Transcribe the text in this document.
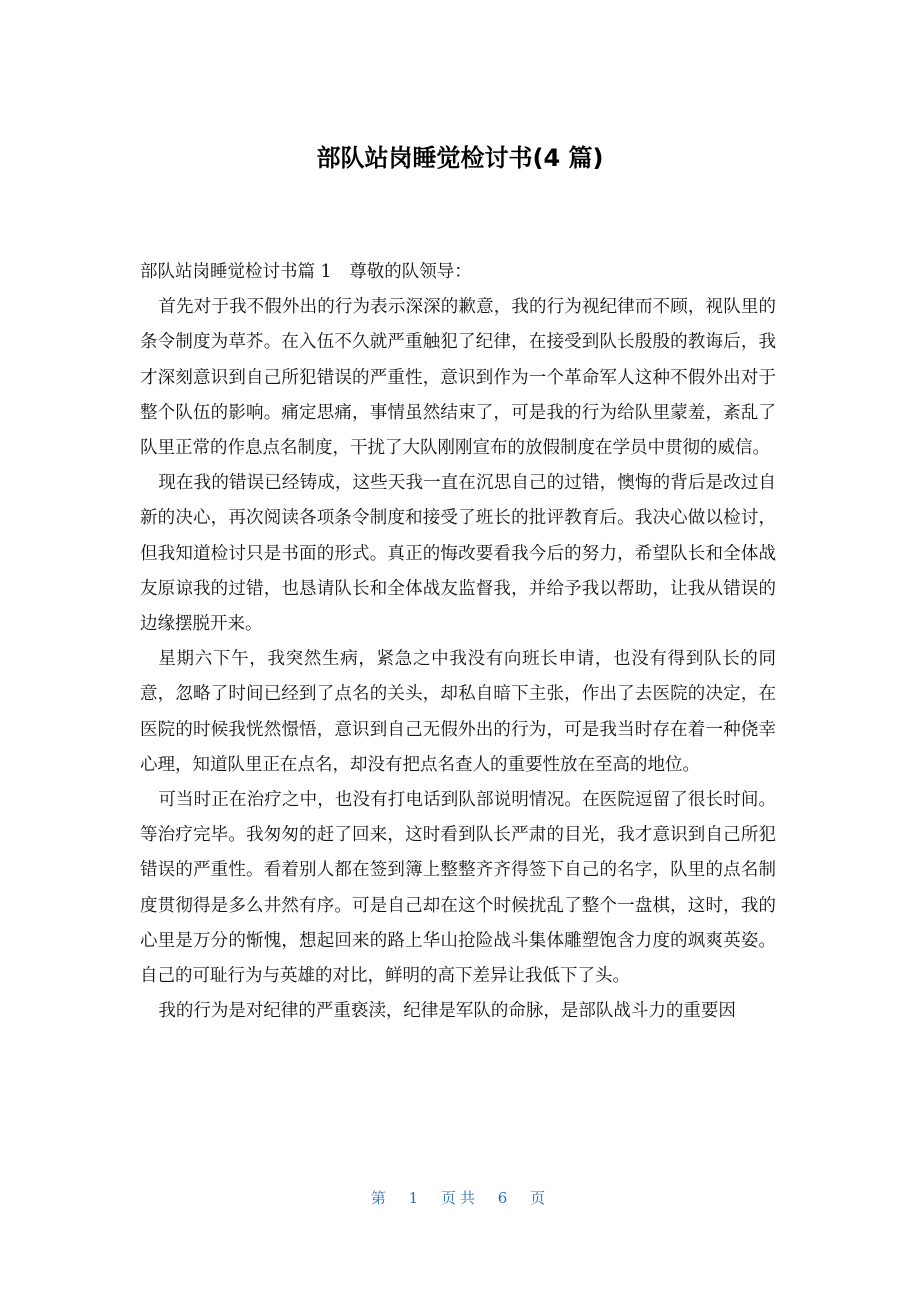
部队站岗睡觉检讨书(4 篇)

部队站岗睡觉检讨书篇 1　尊敬的队领导：

首先对于我不假外出的行为表示深深的歉意，我的行为视纪律而不顾，视队里的条令制度为草芥。在入伍不久就严重触犯了纪律，在接受到队长殷殷的教诲后，我才深刻意识到自己所犯错误的严重性，意识到作为一个革命军人这种不假外出对于整个队伍的影响。痛定思痛，事情虽然结束了，可是我的行为给队里蒙羞，紊乱了队里正常的作息点名制度，干扰了大队刚刚宣布的放假制度在学员中贯彻的威信。

现在我的错误已经铸成，这些天我一直在沉思自己的过错，懊悔的背后是改过自新的决心，再次阅读各项条令制度和接受了班长的批评教育后。我决心做以检讨，但我知道检讨只是书面的形式。真正的悔改要看我今后的努力，希望队长和全体战友原谅我的过错，也恳请队长和全体战友监督我，并给予我以帮助，让我从错误的边缘摆脱开来。

星期六下午，我突然生病，紧急之中我没有向班长申请，也没有得到队长的同意，忽略了时间已经到了点名的关头，却私自暗下主张，作出了去医院的决定，在医院的时候我恍然憬悟，意识到自己无假外出的行为，可是我当时存在着一种侥幸心理，知道队里正在点名，却没有把点名查人的重要性放在至高的地位。

可当时正在治疗之中，也没有打电话到队部说明情况。在医院逗留了很长时间。等治疗完毕。我匆匆的赶了回来，这时看到队长严肃的目光，我才意识到自己所犯错误的严重性。看着别人都在签到簿上整整齐齐得签下自己的名字，队里的点名制度贯彻得是多么井然有序。可是自己却在这个时候扰乱了整个一盘棋，这时，我的心里是万分的惭愧，想起回来的路上华山抢险战斗集体雕塑饱含力度的飒爽英姿。自己的可耻行为与英雄的对比，鲜明的高下差异让我低下了头。

我的行为是对纪律的严重亵渎，纪律是军队的命脉，是部队战斗力的重要因

第 1 页共 6 页
